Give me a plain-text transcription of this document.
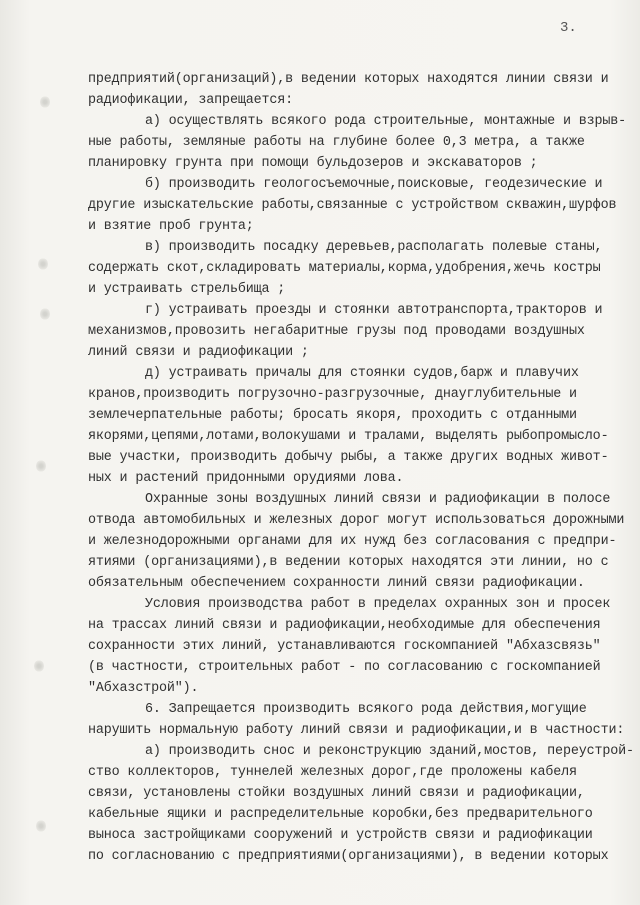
3.
предприятий(организаций),в ведении которых находятся линии связи и
радиофикации, запрещается:
а) осуществлять всякого рода строительные, монтажные и взрыв-
ные работы, земляные работы на глубине более 0,3 метра, а также
планировку грунта при помощи бульдозеров и экскаваторов ;
б) производить геологосъемочные,поисковые, геодезические и
другие изыскательские работы,связанные с устройством скважин,шурфов
и взятие проб грунта;
в) производить посадку деревьев,располагать полевые станы,
содержать скот,складировать материалы,корма,удобрения,жечь костры
и устраивать стрельбища ;
г) устраивать проезды и стоянки автотранспорта,тракторов и
механизмов,провозить негабаритные грузы под проводами воздушных
линий связи и радиофикации ;
д) устраивать причалы для стоянки судов,барж и плавучих
кранов,производить погрузочно-разгрузочные, днауглубительные и
землечерпательные работы; бросать якоря, проходить с отданными
якорями,цепями,лотами,волокушами и тралами, выделять рыбопромысло-
вые участки, производить добычу рыбы, а также других водных живот-
ных и растений придонными орудиями лова.
Охранные зоны воздушных линий связи и радиофикации в полосе
отвода автомобильных и железных дорог могут использоваться дорожными
и железнодорожными органами для их нужд без согласования с предпри-
ятиями (организациями),в ведении которых находятся эти линии, но с
обязательным обеспечением сохранности линий связи радиофикации.
Условия производства работ в пределах охранных зон и просек
на трассах линий связи и радиофикации,необходимые для обеспечения
сохранности этих линий, устанавливаются госкомпанией "Абхазсвязь"
(в частности, строительных работ - по согласованию с госкомпанией
"Абхазстрой").
6. Запрещается производить всякого рода действия,могущие
нарушить нормальную работу линий связи и радиофикации,и в частности:
а) производить снос и реконструкцию зданий,мостов, переустрой-
ство коллекторов, туннелей железных дорог,где проложены кабеля
связи, установлены стойки воздушных линий связи и радиофикации,
кабельные ящики и распределительные коробки,без предварительного
выноса застройщиками сооружений и устройств связи и радиофикации
по согласнованию с предприятиями(организациями), в ведении которых
